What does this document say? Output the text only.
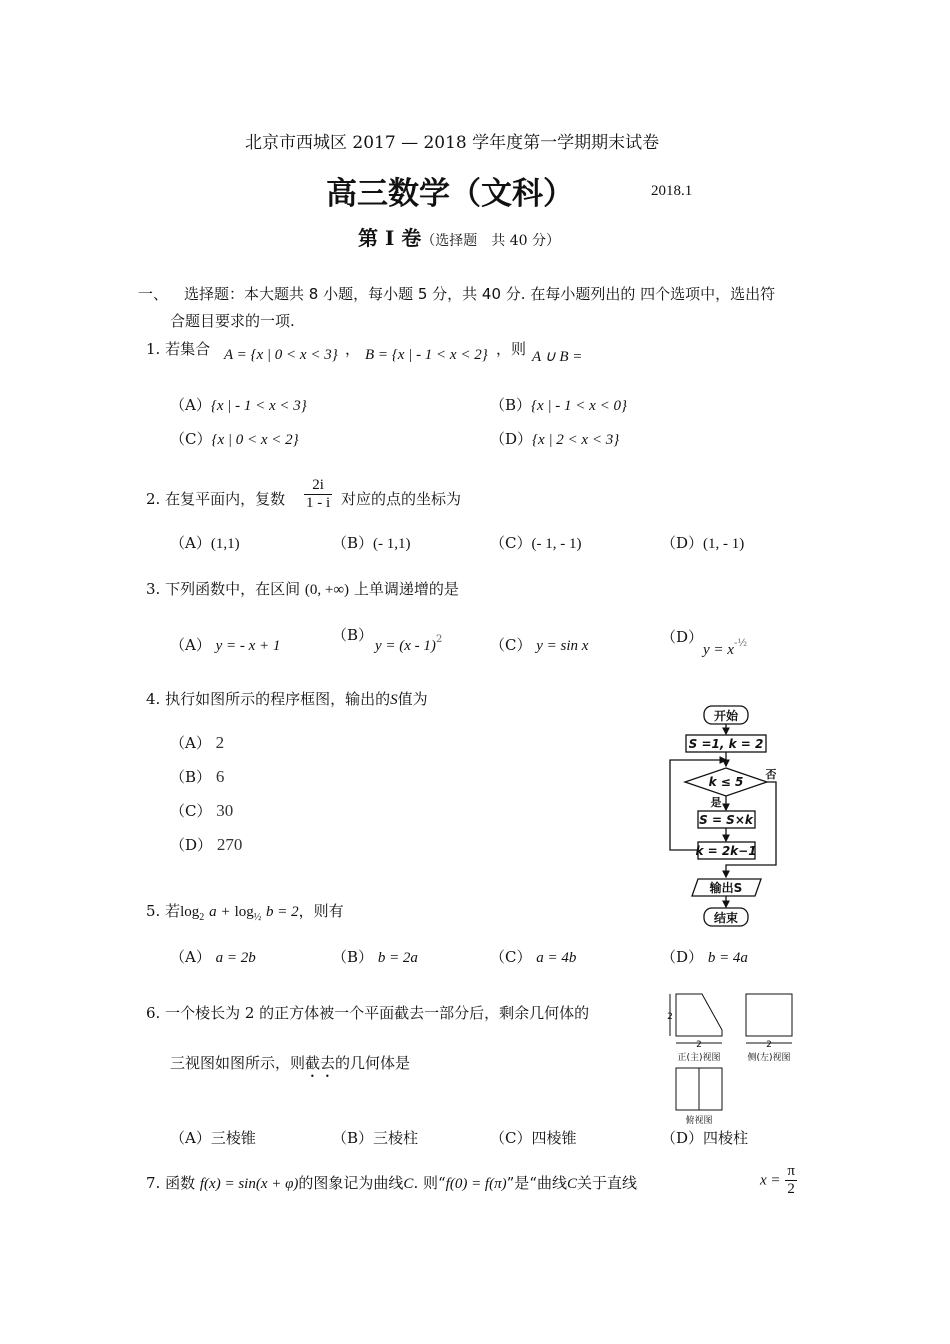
北京市西城区 2017 — 2018 学年度第一学期期末试卷
高三数学（文科）	2018.1
第 I 卷（选择题　共 40 分）
一、 选择题：本大题共 8 小题，每小题 5 分，共 40 分. 在每小题列出的 四个选项中，选出符
合题目要求的一项.
1. 若集合 A = {x | 0 < x < 3} ， B = {x | - 1 < x < 2} ，则 A ∪ B =
（A）{x | - 1 < x < 3}	（B）{x | - 1 < x < 0}
（C）{x | 0 < x < 2}	（D）{x | 2 < x < 3}
2. 在复平面内，复数 $\frac{2i}{1 - i}$ 对应的点的坐标为
（A）(1,1)	（B）(- 1,1)	（C）(- 1, - 1)	（D）(1, - 1)
3. 下列函数中，在区间 (0, +∞) 上单调递增的是
（A） y = - x + 1
（B）
y = (x - 1)$^2$	（C） y = sin x	（D）
$y = x^{-\frac{1}{2}}$
4. 执行如图所示的程序框图，输出的S值为
（A） 2
（B） 6
（C） 30
（D） 270
开始
S =1, k = 2
k ≤ 5
否
是
S = S×k
k = 2k−1
输出S
结束
5. 若$\log_2 a + \log_{\frac{1}{2}} b = 2$，则有
（A） a = 2b	（B） b = 2a	（C） a = 4b	（D） b = 4a
6. 一个棱长为 2 的正方体被一个平面截去一部分后，剩余几何体的
三视图如图所示，则截去的几何体是
2
2	2
正(主)视图	侧(左)视图
俯视图
（A）三棱锥	（B）三棱柱	（C）四棱锥	（D）四棱柱
7. 函数 f(x) = sin(x + φ)的图象记为曲线C. 则“f(0) = f(π)”是“曲线C关于直线	$x = \frac{\pi}{2}$
